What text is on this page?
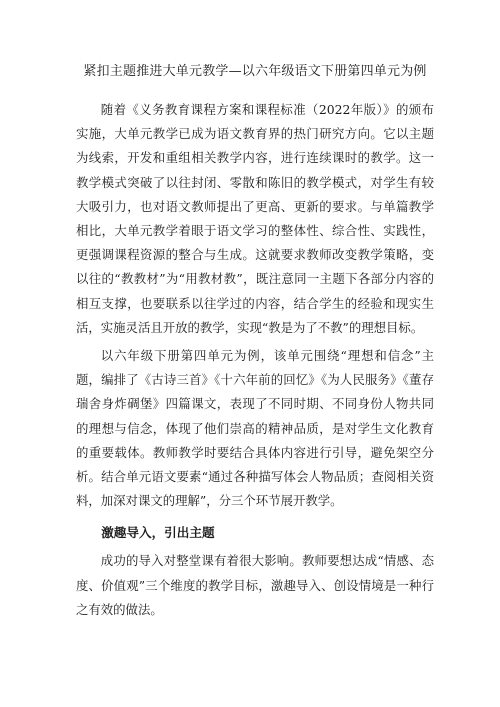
紧扣主题推进大单元教学—以六年级语文下册第四单元为例

随着《义务教育课程方案和课程标准（2022年版）》的颁布实施，大单元教学已成为语文教育界的热门研究方向。它以主题为线索，开发和重组相关教学内容，进行连续课时的教学。这一教学模式突破了以往封闭、零散和陈旧的教学模式，对学生有较大吸引力，也对语文教师提出了更高、更新的要求。与单篇教学相比，大单元教学着眼于语文学习的整体性、综合性、实践性，更强调课程资源的整合与生成。这就要求教师改变教学策略，变以往的“教教材”为“用教材教”，既注意同一主题下各部分内容的相互支撑，也要联系以往学过的内容，结合学生的经验和现实生活，实施灵活且开放的教学，实现“教是为了不教”的理想目标。

以六年级下册第四单元为例，该单元围绕“理想和信念”主题，编排了《古诗三首》《十六年前的回忆》《为人民服务》《董存瑞舍身炸碉堡》四篇课文，表现了不同时期、不同身份人物共同的理想与信念，体现了他们崇高的精神品质，是对学生文化教育的重要载体。教师教学时要结合具体内容进行引导，避免架空分析。结合单元语文要素“通过各种描写体会人物品质；查阅相关资料，加深对课文的理解”，分三个环节展开教学。

激趣导入，引出主题

成功的导入对整堂课有着很大影响。教师要想达成“情感、态度、价值观”三个维度的教学目标，激趣导入、创设情境是一种行之有效的做法。
